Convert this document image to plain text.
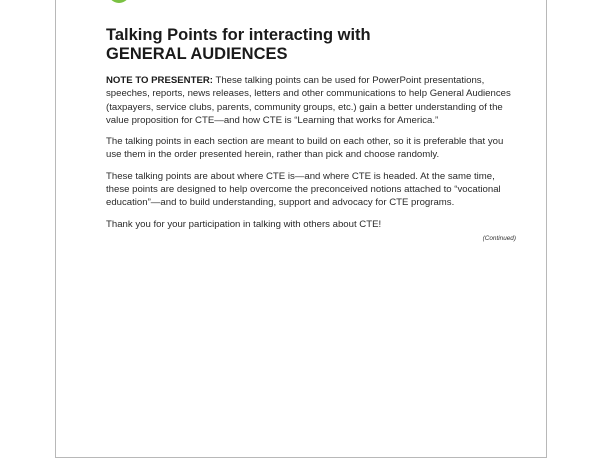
Talking Points for interacting with
GENERAL AUDIENCES

NOTE TO PRESENTER: These talking points can be used for PowerPoint presentations, speeches, reports, news releases, letters and other communications to help General Audiences (taxpayers, service clubs, parents, community groups, etc.) gain a better understanding of the value proposition for CTE—and how CTE is “Learning that works for America.”

The talking points in each section are meant to build on each other, so it is preferable that you use them in the order presented herein, rather than pick and choose randomly.

These talking points are about where CTE is—and where CTE is headed. At the same time, these points are designed to help overcome the preconceived notions attached to “vocational education”—and to build understanding, support and advocacy for CTE programs.

Thank you for your participation in talking with others about CTE!

(Continued)
